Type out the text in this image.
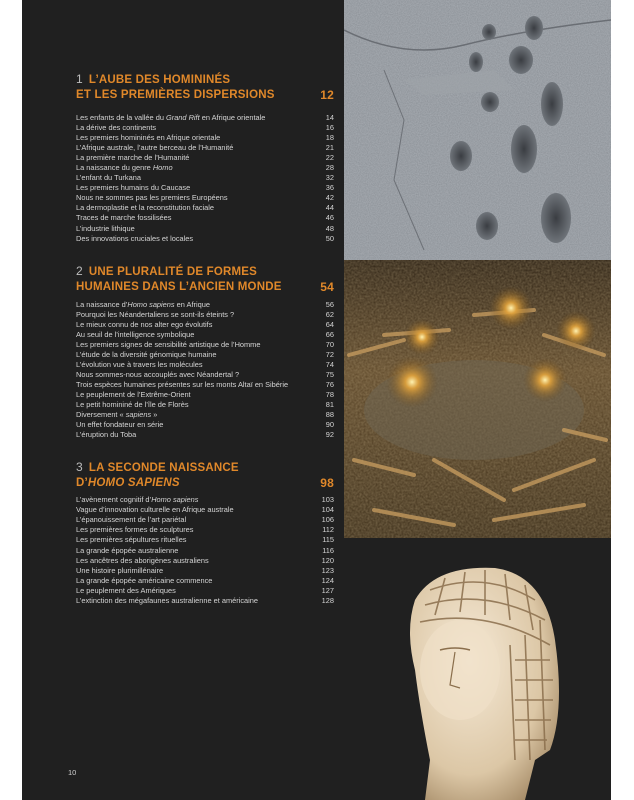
1 L’AUBE DES HOMININÉS
ET LES PREMIÈRES DISPERSIONS	12
Les enfants de la vallée du Grand Rift en Afrique orientale	14
La dérive des continents	16
Les premiers homininés en Afrique orientale	18
L’Afrique australe, l’autre berceau de l’Humanité	21
La première marche de l’Humanité	22
La naissance du genre Homo	28
L’enfant du Turkana	32
Les premiers humains du Caucase	36
Nous ne sommes pas les premiers Européens	42
La dermoplastie et la reconstitution faciale	44
Traces de marche fossilisées	46
L’industrie lithique	48
Des innovations cruciales et locales	50
2 UNE PLURALITÉ DE FORMES
HUMAINES DANS L’ANCIEN MONDE	54
La naissance d’Homo sapiens en Afrique	56
Pourquoi les Néandertaliens se sont-ils éteints ?	62
Le mieux connu de nos alter ego évolutifs	64
Au seuil de l’intelligence symbolique	66
Les premiers signes de sensibilité artistique de l’Homme	70
L’étude de la diversité génomique humaine	72
L’évolution vue à travers les molécules	74
Nous sommes-nous accouplés avec Néandertal ?	75
Trois espèces humaines présentes sur les monts Altaï en Sibérie	76
Le peuplement de l’Extrême-Orient	78
Le petit homininé de l’île de Florès	81
Diversement « sapiens »	88
Un effet fondateur en série	90
L’éruption du Toba	92
3 LA SECONDE NAISSANCE
D’HOMO SAPIENS	98
L’avènement cognitif d’Homo sapiens	103
Vague d’innovation culturelle en Afrique australe	104
L’épanouissement de l’art pariétal	106
Les premières formes de sculptures	112
Les premières sépultures rituelles	115
La grande épopée australienne	116
Les ancêtres des aborigènes australiens	120
Une histoire plurimillénaire	123
La grande épopée américaine commence	124
Le peuplement des Amériques	127
L’extinction des mégafaunes australienne et américaine	128
10
